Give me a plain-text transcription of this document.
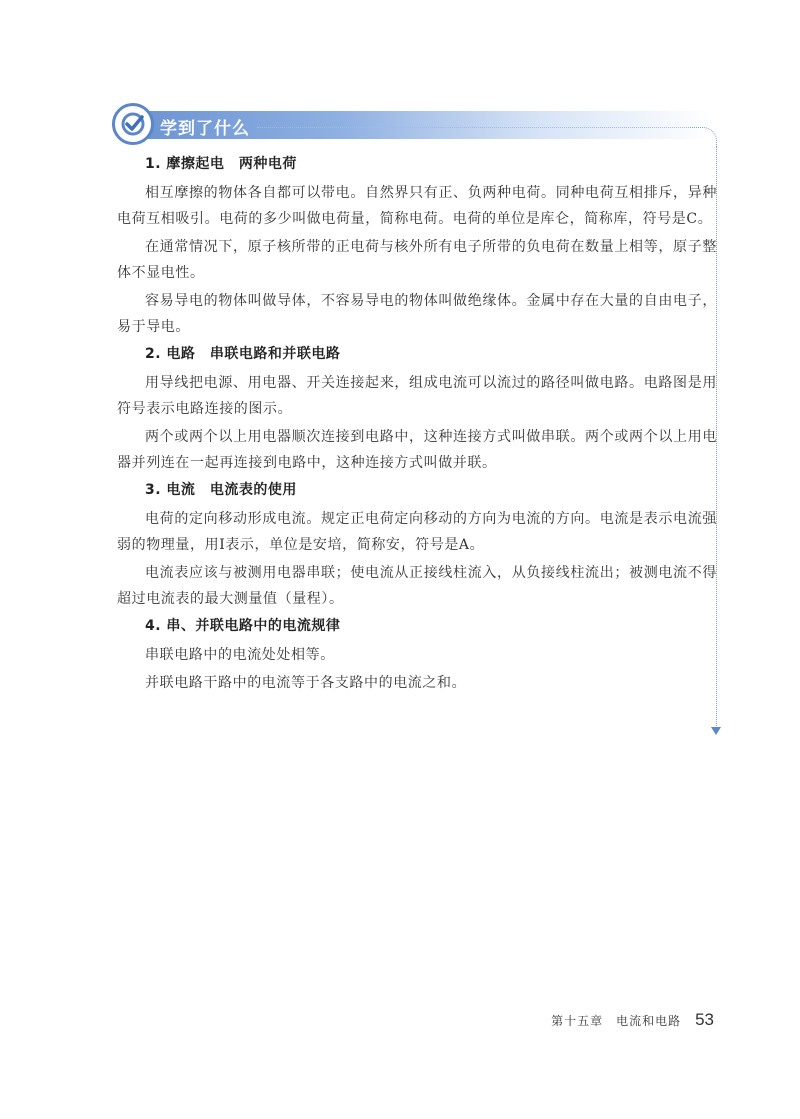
学到了什么
1. 摩擦起电　两种电荷

相互摩擦的物体各自都可以带电。自然界只有正、负两种电荷。同种电荷互相排斥，异种电荷互相吸引。电荷的多少叫做电荷量，简称电荷。电荷的单位是库仑，简称库，符号是C。

在通常情况下，原子核所带的正电荷与核外所有电子所带的负电荷在数量上相等，原子整体不显电性。

容易导电的物体叫做导体，不容易导电的物体叫做绝缘体。金属中存在大量的自由电子，易于导电。

2. 电路　串联电路和并联电路

用导线把电源、用电器、开关连接起来，组成电流可以流过的路径叫做电路。电路图是用符号表示电路连接的图示。

两个或两个以上用电器顺次连接到电路中，这种连接方式叫做串联。两个或两个以上用电器并列连在一起再连接到电路中，这种连接方式叫做并联。

3. 电流　电流表的使用

电荷的定向移动形成电流。规定正电荷定向移动的方向为电流的方向。电流是表示电流强弱的物理量，用I表示，单位是安培，简称安，符号是A。

电流表应该与被测用电器串联；使电流从正接线柱流入，从负接线柱流出；被测电流不得超过电流表的最大测量值（量程）。

4. 串、并联电路中的电流规律

串联电路中的电流处处相等。

并联电路干路中的电流等于各支路中的电流之和。

第十五章　电流和电路 53
